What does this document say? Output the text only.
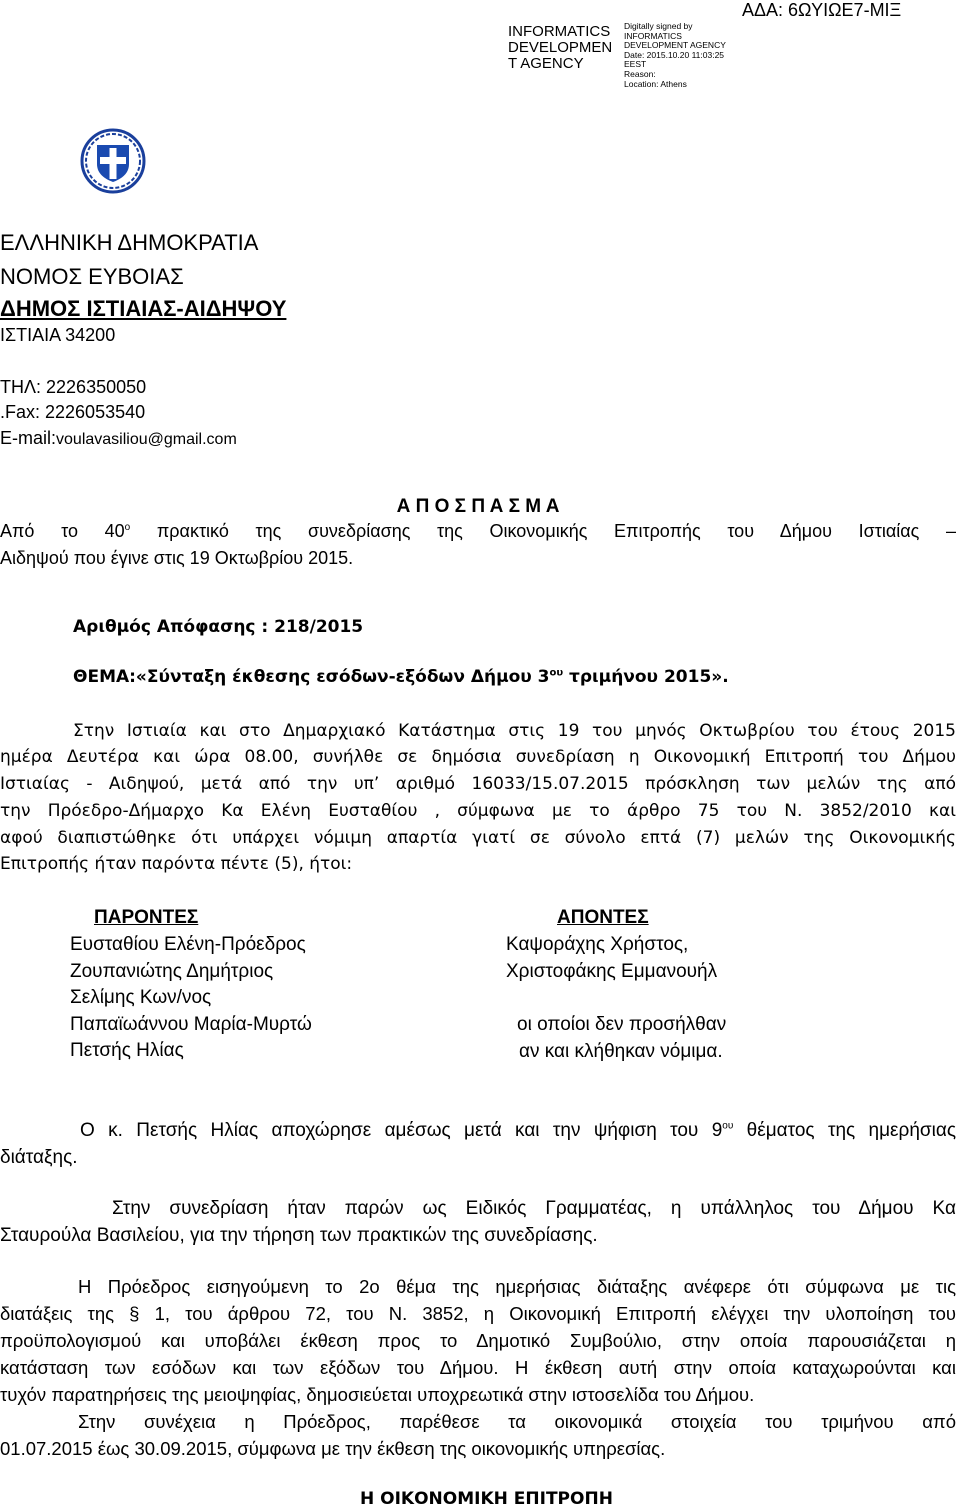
INFORMATICS
DEVELOPMEN
T AGENCY
Digitally signed by
INFORMATICS
DEVELOPMENT AGENCY
Date: 2015.10.20 11:03:25
EEST
Reason:
Location: Athens
ΑΔΑ: 6ΩΥΙΩΕ7-ΜΙΞ
ΕΛΛΗΝΙΚΗ ΔΗΜΟΚΡΑΤΙΑ
ΝΟΜΟΣ ΕΥΒΟΙΑΣ
ΔΗΜΟΣ ΙΣΤΙΑΙΑΣ-ΑΙΔΗΨΟΥ
ΙΣΤΙΑΙΑ 34200
ΤΗΛ: 2226350050
.Fax: 2226053540
E-mail:voulavasiliou@gmail.com
Α Π Ο Σ Π Α Σ Μ Α
Από το $40^o$ πρακτικό της συνεδρίασης της Οικονομικής Επιτροπής του Δήμου Ιστιαίας –
Αιδηψού που έγινε στις 19 Οκτωβρίου 2015.
Αριθμός Απόφασης : 218/2015
ΘΕΜΑ:«Σύνταξη έκθεσης εσόδων-εξόδων Δήμου $3^{o\upsilon}$ τριμήνου 2015».
Στην Ιστιαία και στο Δημαρχιακό Κατάστημα στις 19 του μηνός Οκτωβρίου του έτους 2015
ημέρα Δευτέρα και ώρα 08.00, συνήλθε σε δημόσια συνεδρίαση η Οικονομική Επιτροπή του Δήμου
Ιστιαίας - Αιδηψού, μετά από την υπ’ αριθμό 16033/15.07.2015 πρόσκληση των μελών της από
την Πρόεδρο-Δήμαρχο Κα Ελένη Ευσταθίου , σύμφωνα με το άρθρο 75 του Ν. 3852/2010 και
αφού διαπιστώθηκε ότι υπάρχει νόμιμη απαρτία γιατί σε σύνολο επτά (7) μελών της Οικονομικής
Επιτροπής ήταν παρόντα πέντε (5), ήτοι:
ΠΑΡΟΝΤΕΣ	ΑΠΟΝΤΕΣ
Ευσταθίου Ελένη-Πρόεδρος
Ζουπανιώτης Δημήτριος
Σελίμης Κων/νος
Παπαϊωάννου Μαρία-Μυρτώ
Πετσής Ηλίας
Καψοράχης Χρήστος,
Χριστοφάκης Εμμανουήλ
οι οποίοι δεν προσήλθαν
αν και κλήθηκαν νόμιμα.
Ο κ. Πετσής Ηλίας αποχώρησε αμέσως μετά και την ψήφιση του $9^{o\upsilon}$ θέματος της ημερήσιας
διάταξης.
Στην συνεδρίαση ήταν παρών ως Ειδικός Γραμματέας, η υπάλληλος του Δήμου Κα
Σταυρούλα Βασιλείου, για την τήρηση των πρακτικών της συνεδρίασης.
Η Πρόεδρος εισηγούμενη το 2ο θέμα της ημερήσιας διάταξης ανέφερε ότι σύμφωνα με τις
διατάξεις της § 1, του άρθρου 72, του Ν. 3852, η Οικονομική Επιτροπή ελέγχει την υλοποίηση του
προϋπολογισμού και υποβάλει έκθεση προς το Δημοτικό Συμβούλιο, στην οποία παρουσιάζεται η
κατάσταση των εσόδων και των εξόδων του Δήμου. Η έκθεση αυτή στην οποία καταχωρούνται και
τυχόν παρατηρήσεις της μειοψηφίας, δημοσιεύεται υποχρεωτικά στην ιστοσελίδα του Δήμου.
Στην συνέχεια η Πρόεδρος, παρέθεσε τα οικονομικά στοιχεία του τριμήνου από
01.07.2015 έως 30.09.2015, σύμφωνα με την έκθεση της οικονομικής υπηρεσίας.
Η ΟΙΚΟΝΟΜΙΚΗ ΕΠΙΤΡΟΠΗ
